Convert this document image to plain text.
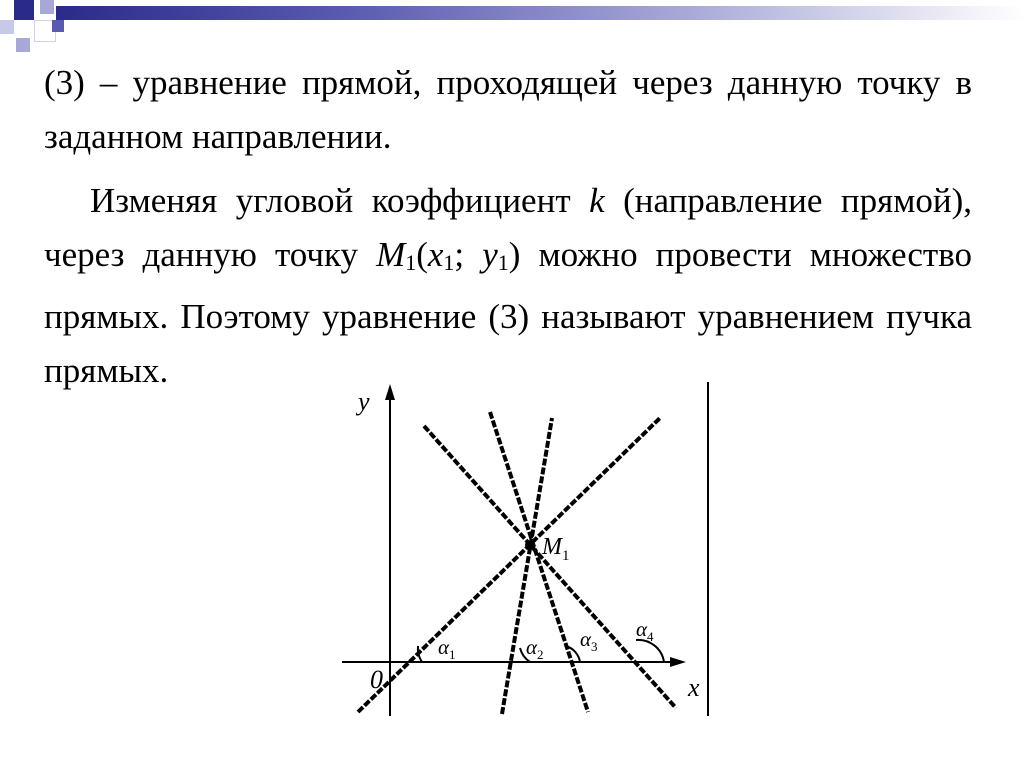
(3) – уравнение прямой, проходящей через данную точку в заданном направлении.

Изменяя угловой коэффициент k (направление прямой), через данную точку M1(x1; y1) можно провести множество прямых. Поэтому уравнение (3) называют уравнением пучка прямых.

y
x
0
$M_1$
$\alpha_1$	$\alpha_2$
$\alpha_3$
$\alpha_4$
